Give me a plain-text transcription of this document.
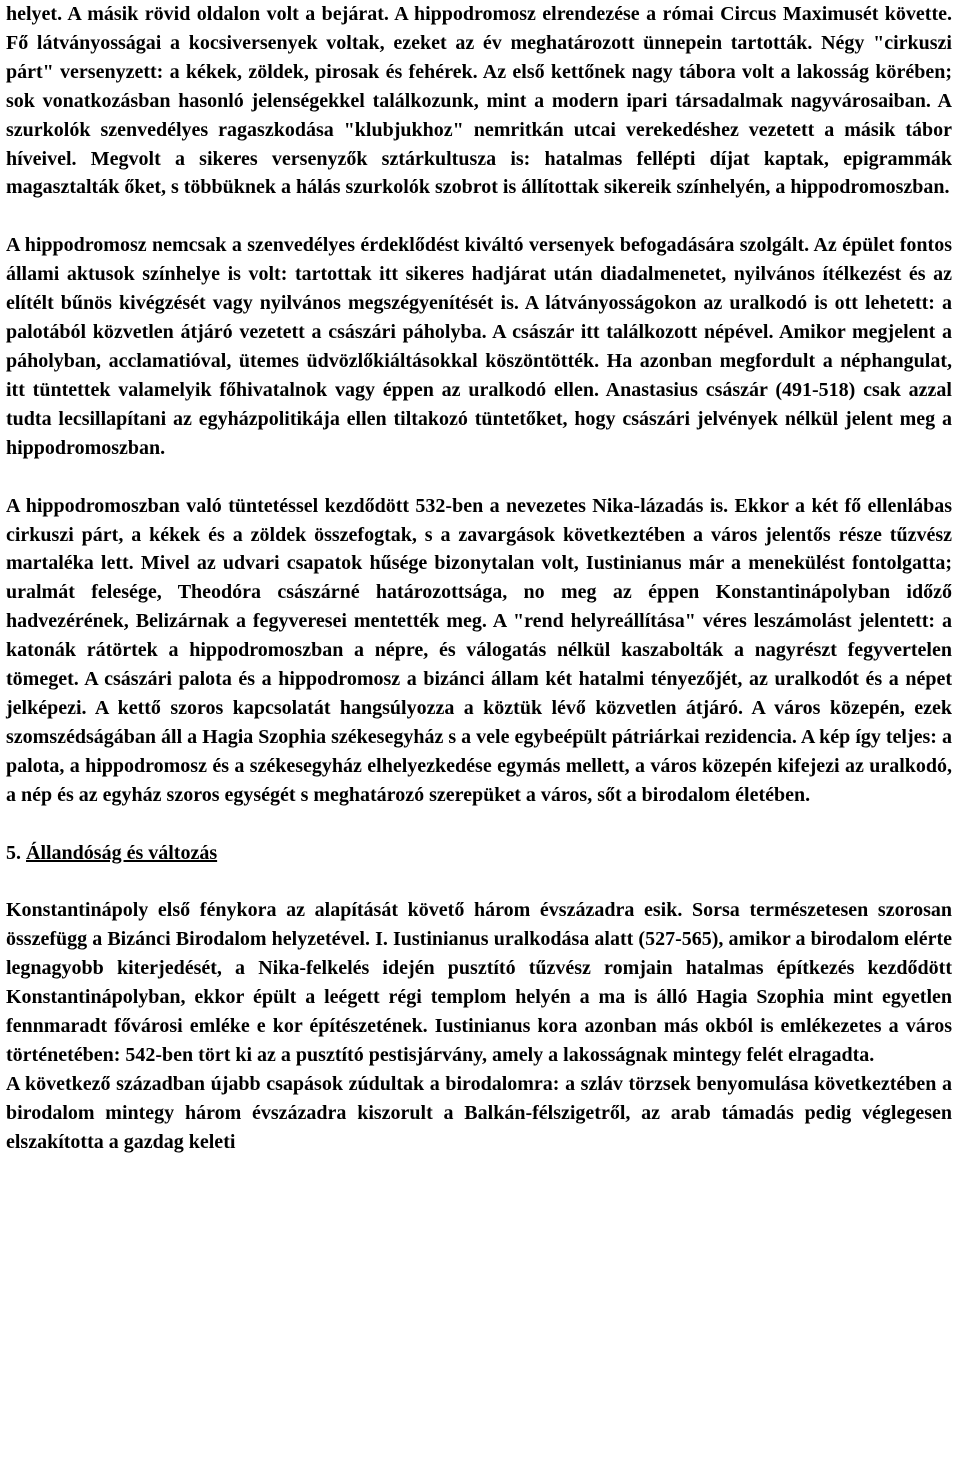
helyet. A másik rövid oldalon volt a bejárat. A hippodromosz elrendezése a római Circus Maximusét követte. Fő látványosságai a kocsiversenyek voltak, ezeket az év meghatározott ünnepein tartották. Négy "cirkuszi párt" versenyzett: a kékek, zöldek, pirosak és fehérek. Az első kettőnek nagy tábora volt a lakosság körében; sok vonatkozásban hasonló jelenségekkel találkozunk, mint a modern ipari társadalmak nagyvárosaiban. A szurkolók szenvedélyes ragaszkodása "klubjukhoz" nemritkán utcai verekedéshez vezetett a másik tábor híveivel. Megvolt a sikeres versenyzők sztárkultusza is: hatalmas fellépti díjat kaptak, epigrammák magasztalták őket, s többüknek a hálás szurkolók szobrot is állítottak sikereik színhelyén, a hippodromoszban.

A hippodromosz nemcsak a szenvedélyes érdeklődést kiváltó versenyek befogadására szolgált. Az épület fontos állami aktusok színhelye is volt: tartottak itt sikeres hadjárat után diadalmenetet, nyilvános ítélkezést és az elítélt bűnös kivégzését vagy nyilvános megszégyenítését is. A látványosságokon az uralkodó is ott lehetett: a palotából közvetlen átjáró vezetett a császári páholyba. A császár itt találkozott népével. Amikor megjelent a páholyban, acclamatióval, ütemes üdvözlőkiáltásokkal köszöntötték. Ha azonban megfordult a néphangulat, itt tüntettek valamelyik főhivatalnok vagy éppen az uralkodó ellen. Anastasius császár (491-518) csak azzal tudta lecsillapítani az egyházpolitikája ellen tiltakozó tüntetőket, hogy császári jelvények nélkül jelent meg a hippodromoszban.

A hippodromoszban való tüntetéssel kezdődött 532-ben a nevezetes Nika-lázadás is. Ekkor a két fő ellenlábas cirkuszi párt, a kékek és a zöldek összefogtak, s a zavargások következtében a város jelentős része tűzvész martaléka lett. Mivel az udvari csapatok hűsége bizonytalan volt, Iustinianus már a menekülést fontolgatta; uralmát felesége, Theodóra császárné határozottsága, no meg az éppen Konstantinápolyban időző hadvezérének, Belizárnak a fegyveresei mentették meg. A "rend helyreállítása" véres leszámolást jelentett: a katonák rátörtek a hippodromoszban a népre, és válogatás nélkül kaszabolták a nagyrészt fegyvertelen tömeget. A császári palota és a hippodromosz a bizánci állam két hatalmi tényezőjét, az uralkodót és a népet jelképezi. A kettő szoros kapcsolatát hangsúlyozza a köztük lévő közvetlen átjáró. A város közepén, ezek szomszédságában áll a Hagia Szophia székesegyház s a vele egybeépült pátriárkai rezidencia. A kép így teljes: a palota, a hippodromosz és a székesegyház elhelyezkedése egymás mellett, a város közepén kifejezi az uralkodó, a nép és az egyház szoros egységét s meghatározó szerepüket a város, sőt a birodalom életében.

5. Állandóság és változás

Konstantinápoly első fénykora az alapítását követő három évszázadra esik. Sorsa természetesen szorosan összefügg a Bizánci Birodalom helyzetével. I. Iustinianus uralkodása alatt (527-565), amikor a birodalom elérte legnagyobb kiterjedését, a Nika-felkelés idején pusztító tűzvész romjain hatalmas építkezés kezdődött Konstantinápolyban, ekkor épült a leégett régi templom helyén a ma is álló Hagia Szophia mint egyetlen fennmaradt fővárosi emléke e kor építészetének. Iustinianus kora azonban más okból is emlékezetes a város történetében: 542-ben tört ki az a pusztító pestisjárvány, amely a lakosságnak mintegy felét elragadta.

A következő században újabb csapások zúdultak a birodalomra: a szláv törzsek benyomulása következtében a birodalom mintegy három évszázadra kiszorult a Balkán-félszigetről, az arab támadás pedig véglegesen elszakította a gazdag keleti
